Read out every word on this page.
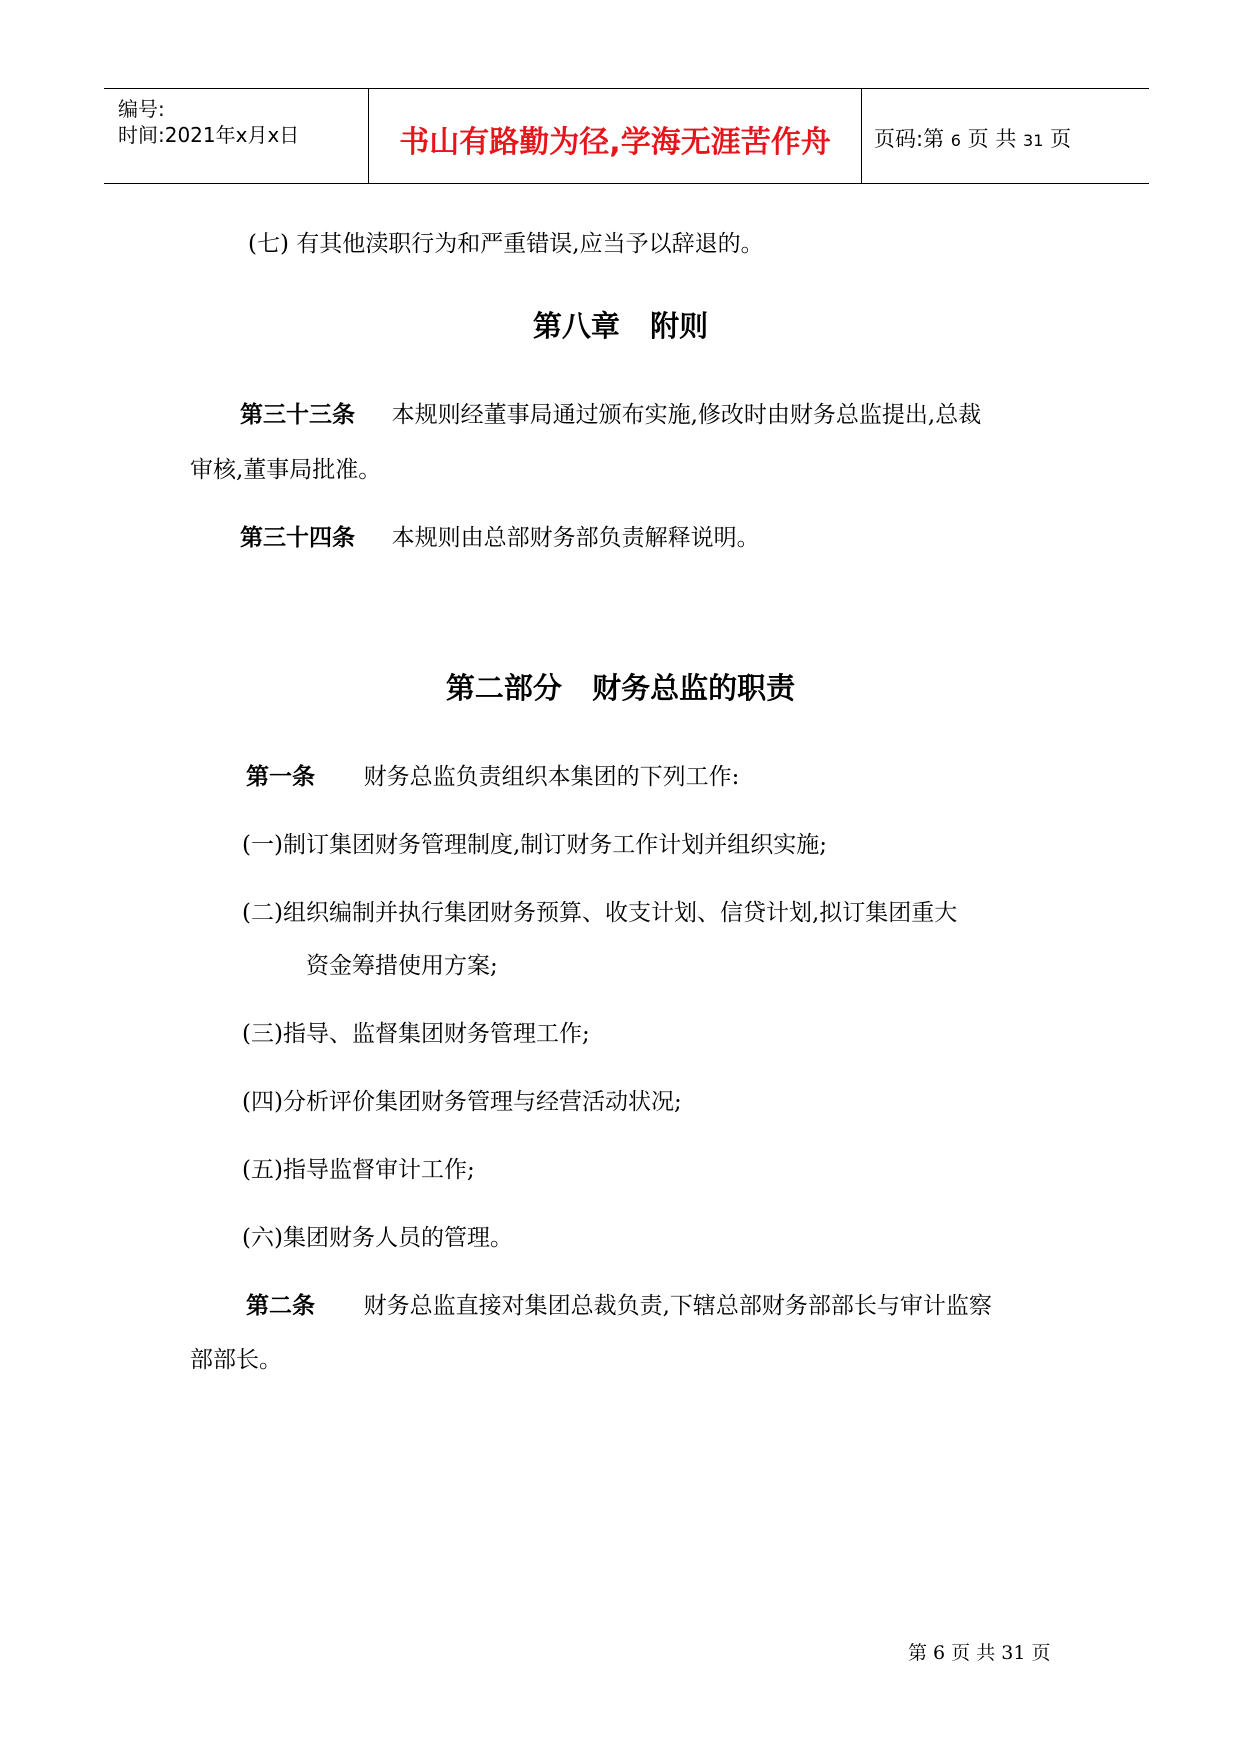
编号:
时间:2021年x月x日	书山有路勤为径,学海无涯苦作舟	页码:第 6 页 共 31 页
(七) 有其他渎职行为和严重错误,应当予以辞退的。
第八章   附则
第三十三条 本规则经董事局通过颁布实施,修改时由财务总监提出,总裁
审核,董事局批准。
第三十四条 本规则由总部财务部负责解释说明。
第二部分   财务总监的职责
第一条 财务总监负责组织本集团的下列工作:
(一)制订集团财务管理制度,制订财务工作计划并组织实施;
(二)组织编制并执行集团财务预算、收支计划、信贷计划,拟订集团重大
资金筹措使用方案;
(三)指导、监督集团财务管理工作;
(四)分析评价集团财务管理与经营活动状况;
(五)指导监督审计工作;
(六)集团财务人员的管理。
第二条 财务总监直接对集团总裁负责,下辖总部财务部部长与审计监察
部部长。
第 6 页 共 31 页
